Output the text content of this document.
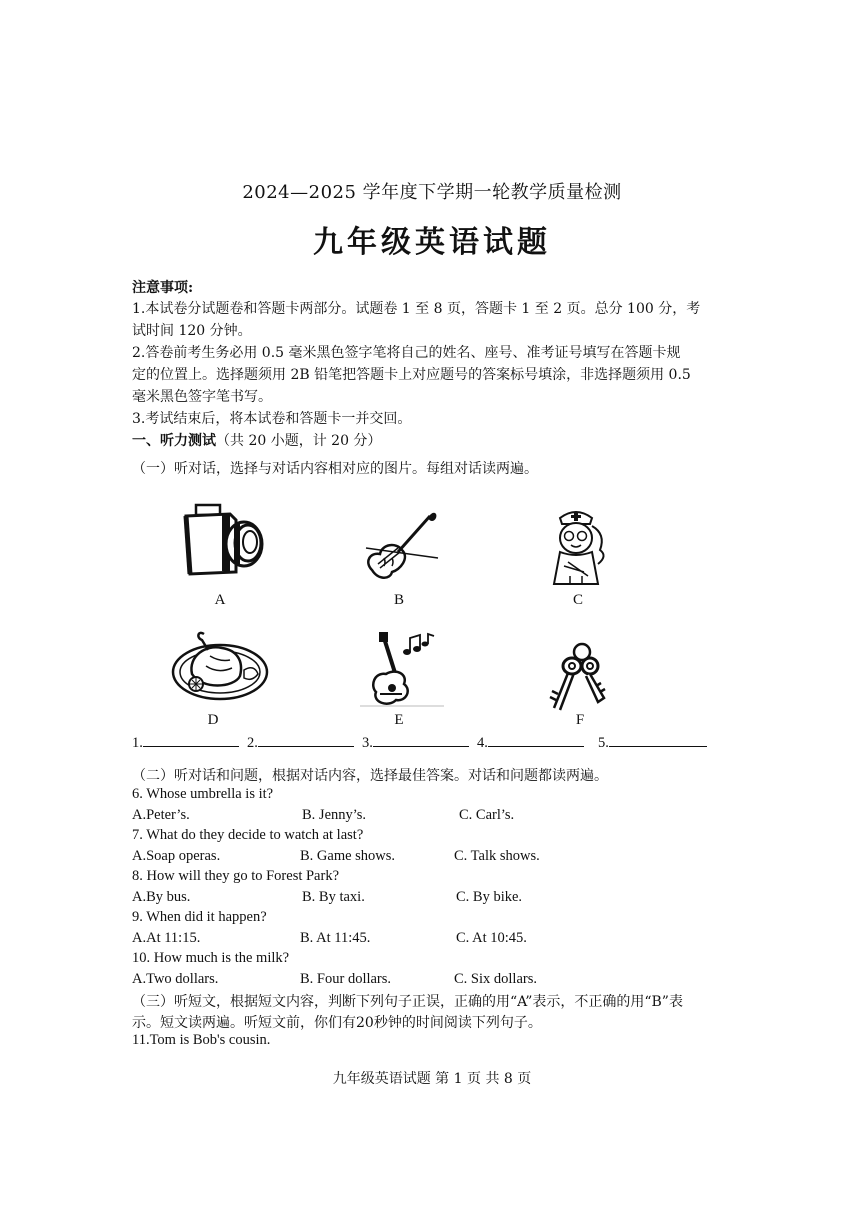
2024—2025 学年度下学期一轮教学质量检测
九年级英语试题
注意事项:
1.本试卷分试题卷和答题卡两部分。试题卷 1 至 8 页，答题卡 1 至 2 页。总分 100 分，考
试时间 120 分钟。
2.答卷前考生务必用 0.5 毫米黑色签字笔将自己的姓名、座号、准考证号填写在答题卡规
定的位置上。选择题须用 2B 铅笔把答题卡上对应题号的答案标号填涂，非选择题须用 0.5
毫米黑色签字笔书写。
3.考试结束后，将本试卷和答题卡一并交回。
一、听力测试（共 20 小题，计 20 分）
（一）听对话，选择与对话内容相对应的图片。每组对话读两遍。
A	B	C
D	E	F
1.	2.	3.	4.	5.
（二）听对话和问题，根据对话内容，选择最佳答案。对话和问题都读两遍。
6. Whose umbrella is it?
A.Peter’s.	B. Jenny’s.	C. Carl’s.
7. What do they decide to watch at last?
A.Soap operas.	B. Game shows.	C. Talk shows.
8. How will they go to Forest Park?
A.By bus.	B. By taxi.	C. By bike.
9. When did it happen?
A.At 11:15.	B. At 11:45.	C. At 10:45.
10. How much is the milk?
A.Two dollars.	B. Four dollars.	C. Six dollars.
（三）听短文，根据短文内容，判断下列句子正误，正确的用“A”表示，不正确的用“B”表
示。短文读两遍。听短文前，你们有20秒钟的时间阅读下列句子。
11.Tom is Bob's cousin.
九年级英语试题 第 1 页 共 8 页
